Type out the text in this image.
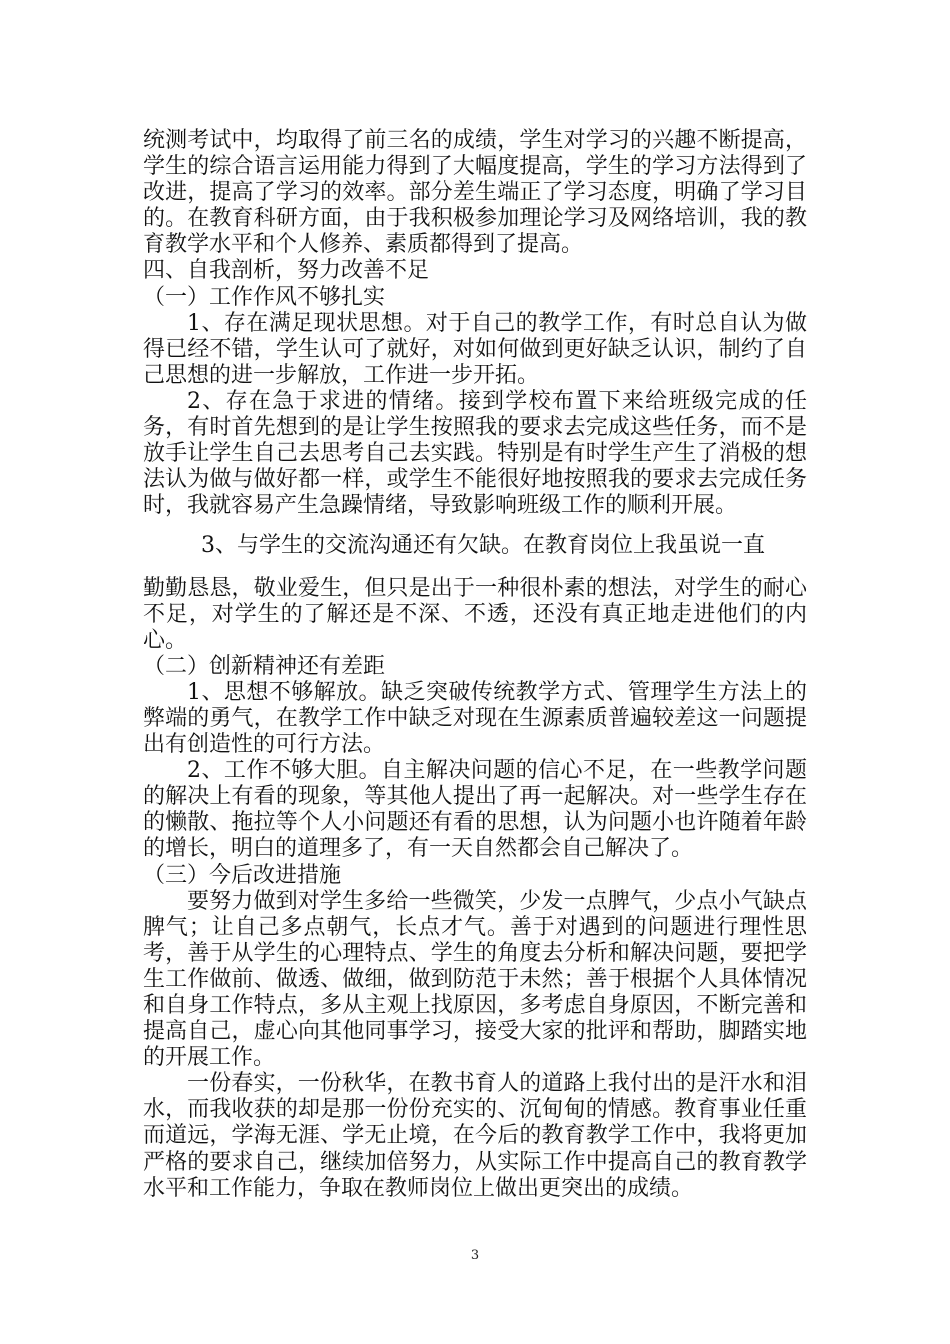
统测考试中，均取得了前三名的成绩，学生对学习的兴趣不断提高，学生的综合语言运用能力得到了大幅度提高，学生的学习方法得到了改进，提高了学习的效率。部分差生端正了学习态度，明确了学习目的。在教育科研方面，由于我积极参加理论学习及网络培训，我的教育教学水平和个人修养、素质都得到了提高。

四、自我剖析，努力改善不足

（一）工作作风不够扎实

1、存在满足现状思想。对于自己的教学工作，有时总自认为做得已经不错，学生认可了就好，对如何做到更好缺乏认识，制约了自己思想的进一步解放，工作进一步开拓。

2、存在急于求进的情绪。接到学校布置下来给班级完成的任务，有时首先想到的是让学生按照我的要求去完成这些任务，而不是放手让学生自己去思考自己去实践。特别是有时学生产生了消极的想法认为做与做好都一样，或学生不能很好地按照我的要求去完成任务时，我就容易产生急躁情绪，导致影响班级工作的顺利开展。

3、与学生的交流沟通还有欠缺。在教育岗位上我虽说一直

勤勤恳恳，敬业爱生，但只是出于一种很朴素的想法，对学生的耐心不足，对学生的了解还是不深、不透，还没有真正地走进他们的内心。

（二）创新精神还有差距

1、思想不够解放。缺乏突破传统教学方式、管理学生方法上的弊端的勇气，在教学工作中缺乏对现在生源素质普遍较差这一问题提出有创造性的可行方法。

2、工作不够大胆。自主解决问题的信心不足，在一些教学问题的解决上有看的现象，等其他人提出了再一起解决。对一些学生存在的懒散、拖拉等个人小问题还有看的思想，认为问题小也许随着年龄的增长，明白的道理多了，有一天自然都会自己解决了。

（三）今后改进措施

要努力做到对学生多给一些微笑，少发一点脾气，少点小气缺点脾气；让自己多点朝气，长点才气。善于对遇到的问题进行理性思考，善于从学生的心理特点、学生的角度去分析和解决问题，要把学生工作做前、做透、做细，做到防范于未然；善于根据个人具体情况和自身工作特点，多从主观上找原因，多考虑自身原因，不断完善和提高自己，虚心向其他同事学习，接受大家的批评和帮助，脚踏实地的开展工作。

一份春实，一份秋华，在教书育人的道路上我付出的是汗水和泪水，而我收获的却是那一份份充实的、沉甸甸的情感。教育事业任重而道远，学海无涯、学无止境，在今后的教育教学工作中，我将更加严格的要求自己，继续加倍努力，从实际工作中提高自己的教育教学水平和工作能力，争取在教师岗位上做出更突出的成绩。

3
